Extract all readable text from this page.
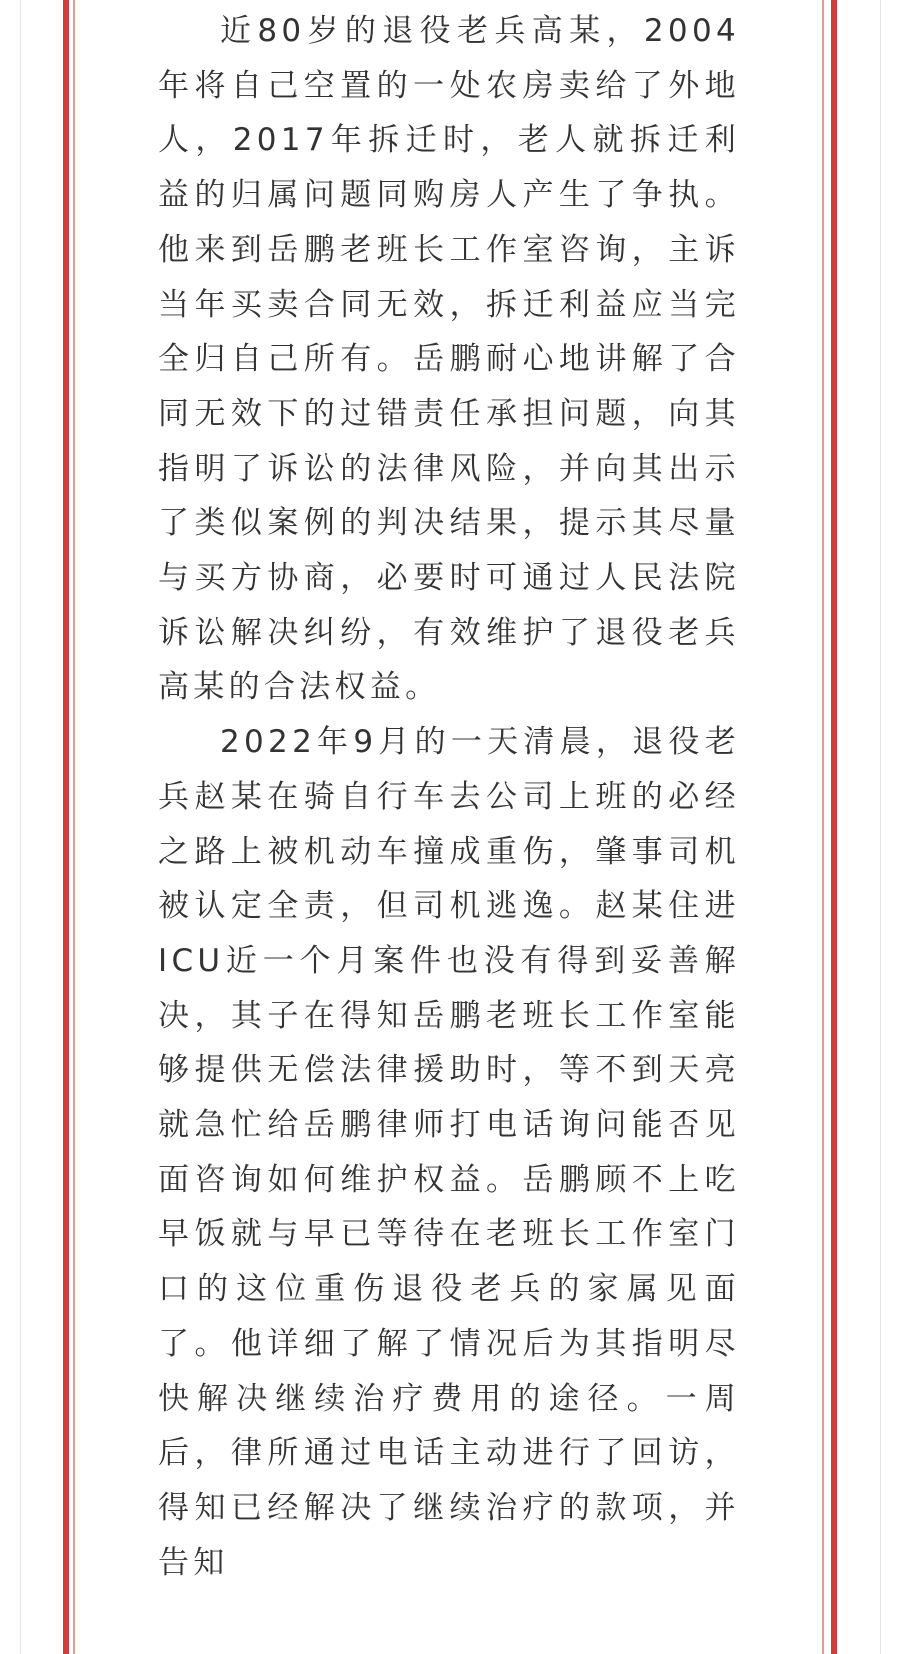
近80岁的退役老兵高某，2004年将自己空置的一处农房卖给了外地人，2017年拆迁时，老人就拆迁利益的归属问题同购房人产生了争执。他来到岳鹏老班长工作室咨询，主诉当年买卖合同无效，拆迁利益应当完全归自己所有。岳鹏耐心地讲解了合同无效下的过错责任承担问题，向其指明了诉讼的法律风险，并向其出示了类似案例的判决结果，提示其尽量与买方协商，必要时可通过人民法院诉讼解决纠纷，有效维护了退役老兵高某的合法权益。

2022年9月的一天清晨，退役老兵赵某在骑自行车去公司上班的必经之路上被机动车撞成重伤，肇事司机被认定全责，但司机逃逸。赵某住进ICU近一个月案件也没有得到妥善解决，其子在得知岳鹏老班长工作室能够提供无偿法律援助时，等不到天亮就急忙给岳鹏律师打电话询问能否见面咨询如何维护权益。岳鹏顾不上吃早饭就与早已等待在老班长工作室门口的这位重伤退役老兵的家属见面了。他详细了解了情况后为其指明尽快解决继续治疗费用的途径。一周后，律所通过电话主动进行了回访，得知已经解决了继续治疗的款项，并告知
